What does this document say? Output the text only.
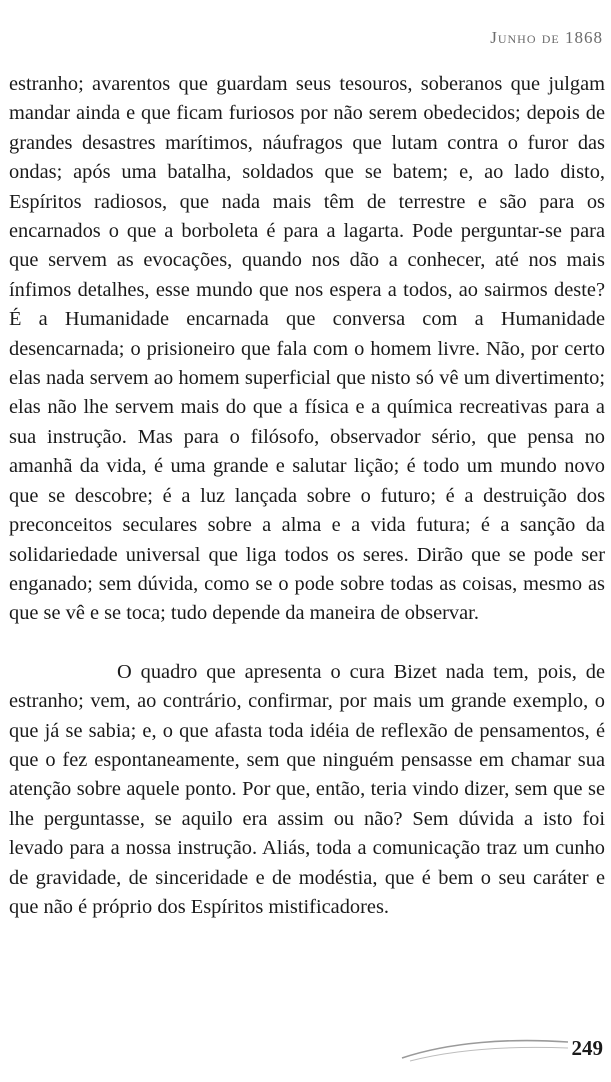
Junho de 1868

estranho; avarentos que guardam seus tesouros, soberanos que julgam mandar ainda e que ficam furiosos por não serem obedecidos; depois de grandes desastres marítimos, náufragos que lutam contra o furor das ondas; após uma batalha, soldados que se batem; e, ao lado disto, Espíritos radiosos, que nada mais têm de terrestre e são para os encarnados o que a borboleta é para a lagarta. Pode perguntar-se para que servem as evocações, quando nos dão a conhecer, até nos mais ínfimos detalhes, esse mundo que nos espera a todos, ao sairmos deste? É a Humanidade encarnada que conversa com a Humanidade desencarnada; o prisioneiro que fala com o homem livre. Não, por certo elas nada servem ao homem superficial que nisto só vê um divertimento; elas não lhe servem mais do que a física e a química recreativas para a sua instrução. Mas para o filósofo, observador sério, que pensa no amanhã da vida, é uma grande e salutar lição; é todo um mundo novo que se descobre; é a luz lançada sobre o futuro; é a destruição dos preconceitos seculares sobre a alma e a vida futura; é a sanção da solidariedade universal que liga todos os seres. Dirão que se pode ser enganado; sem dúvida, como se o pode sobre todas as coisas, mesmo as que se vê e se toca; tudo depende da maneira de observar.

O quadro que apresenta o cura Bizet nada tem, pois, de estranho; vem, ao contrário, confirmar, por mais um grande exemplo, o que já se sabia; e, o que afasta toda idéia de reflexão de pensamentos, é que o fez espontaneamente, sem que ninguém pensasse em chamar sua atenção sobre aquele ponto. Por que, então, teria vindo dizer, sem que se lhe perguntasse, se aquilo era assim ou não? Sem dúvida a isto foi levado para a nossa instrução. Aliás, toda a comunicação traz um cunho de gravidade, de sinceridade e de modéstia, que é bem o seu caráter e que não é próprio dos Espíritos mistificadores.

249
